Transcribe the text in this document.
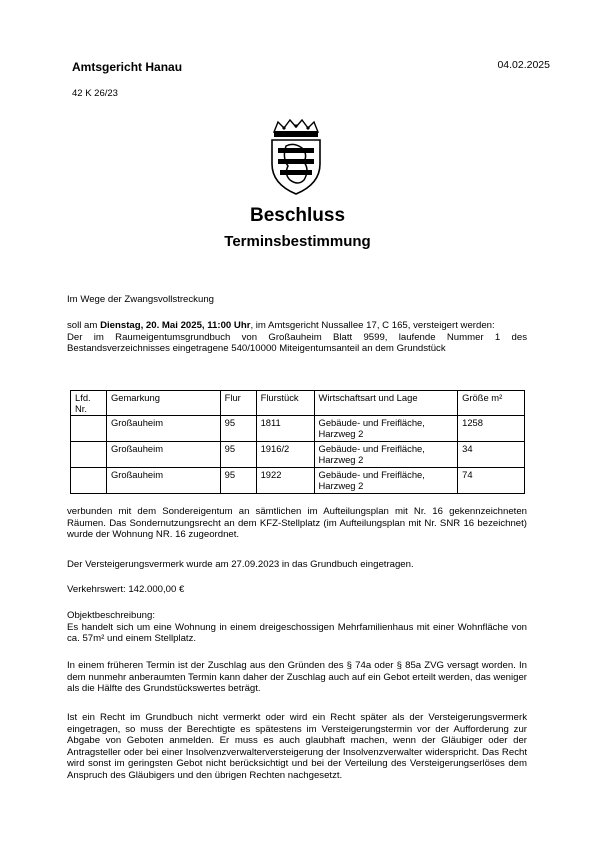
Amtsgericht Hanau	04.02.2025
42 K 26/23
Beschluss
Terminsbestimmung
Im Wege der Zwangsvollstreckung

soll am Dienstag, 20. Mai 2025, 11:00 Uhr, im Amtsgericht Nussallee 17, C 165, versteigert werden:

Der im Raumeigentumsgrundbuch von Großauheim Blatt 9599, laufende Nummer 1 des Bestandsverzeichnisses eingetragene 540/10000 Miteigentumsanteil an dem Grundstück

Lfd. Nr.	Gemarkung	Flur	Flurstück	Wirtschaftsart und Lage	Größe m²
	Großauheim	95	1811	Gebäude- und Freifläche, Harzweg 2	1258
	Großauheim	95	1916/2	Gebäude- und Freifläche, Harzweg 2	34
	Großauheim	95	1922	Gebäude- und Freifläche, Harzweg 2	74
verbunden mit dem Sondereigentum an sämtlichen im Aufteilungsplan mit Nr. 16 gekennzeichneten Räumen. Das Sondernutzungsrecht an dem KFZ-Stellplatz (im Aufteilungsplan mit Nr. SNR 16 bezeichnet) wurde der Wohnung NR. 16 zugeordnet.
Der Versteigerungsvermerk wurde am 27.09.2023 in das Grundbuch eingetragen.
Verkehrswert: 142.000,00 €

Objektbeschreibung:

Es handelt sich um eine Wohnung in einem dreigeschossigen Mehrfamilienhaus mit einer Wohnfläche von ca. 57m² und einem Stellplatz.

In einem früheren Termin ist der Zuschlag aus den Gründen des § 74a oder § 85a ZVG versagt worden. In dem nunmehr anberaumten Termin kann daher der Zuschlag auch auf ein Gebot erteilt werden, das weniger als die Hälfte des Grundstückswertes beträgt.
Ist ein Recht im Grundbuch nicht vermerkt oder wird ein Recht später als der Versteigerungsvermerk eingetragen, so muss der Berechtigte es spätestens im Versteigerungstermin vor der Aufforderung zur Abgabe von Geboten anmelden. Er muss es auch glaubhaft machen, wenn der Gläubiger oder der Antragsteller oder bei einer Insolvenzverwalterversteigerung der Insolvenzverwalter widerspricht. Das Recht wird sonst im geringsten Gebot nicht berücksichtigt und bei der Verteilung des Versteigerungserlöses dem Anspruch des Gläubigers und den übrigen Rechten nachgesetzt.
